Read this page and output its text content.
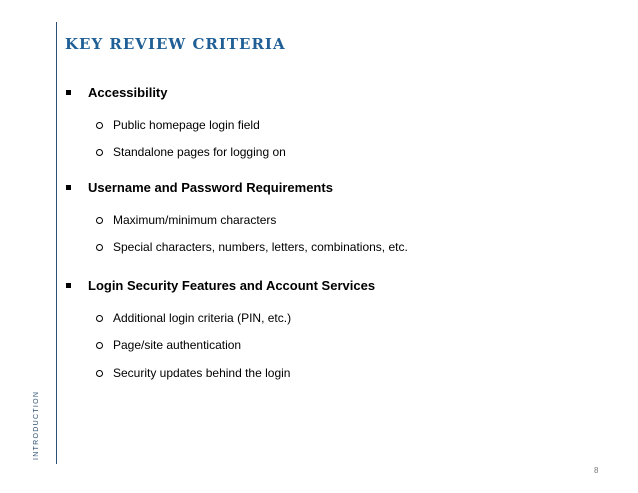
INTRODUCTION
KEY REVIEW CRITERIA
Accessibility
Public homepage login field
Standalone pages for logging on
Username and Password Requirements
Maximum/minimum characters
Special characters, numbers, letters, combinations, etc.
Login Security Features and Account Services
Additional login criteria (PIN, etc.)
Page/site authentication
Security updates behind the login
8
